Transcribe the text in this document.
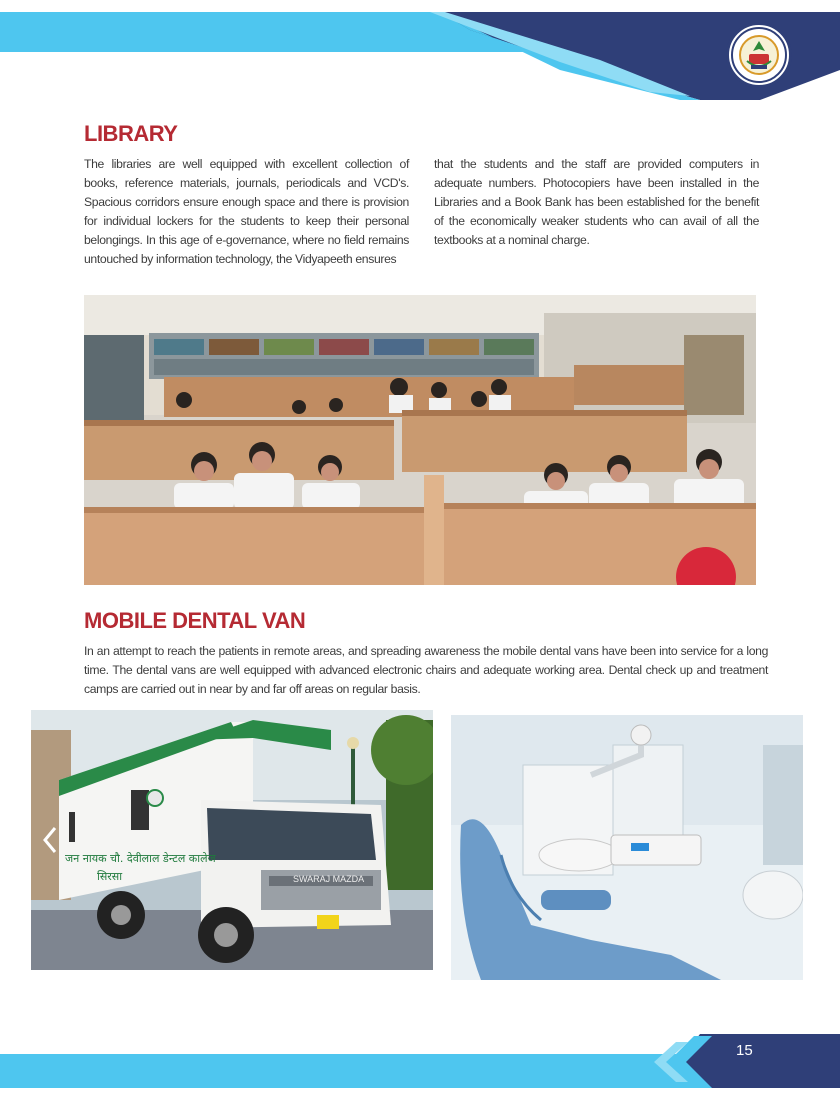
LIBRARY
The libraries are well equipped with excellent collection of books, reference materials, journals, periodicals and VCD's. Spacious corridors ensure enough space and there is provision for individual lockers for the students to keep their personal belongings. In this age of e-governance, where no field remains untouched by information technology, the Vidyapeeth ensures
that the students and the staff are provided computers in adequate numbers. Photocopiers have been installed in the Libraries and a Book Bank has been established for the benefit of the economically weaker students who can avail of all the textbooks at a nominal charge.
MOBILE DENTAL VAN
In an attempt to reach the patients in remote areas, and spreading awareness the mobile dental vans have been into service for a long time. The dental vans are well equipped with advanced electronic chairs and adequate working area. Dental check up and treatment camps are carried out in near by and far off areas on regular basis.
जन नायक चौ. देवीलाल डेन्टल कालेज
सिरसा	SWARAJ MAZDA
15
